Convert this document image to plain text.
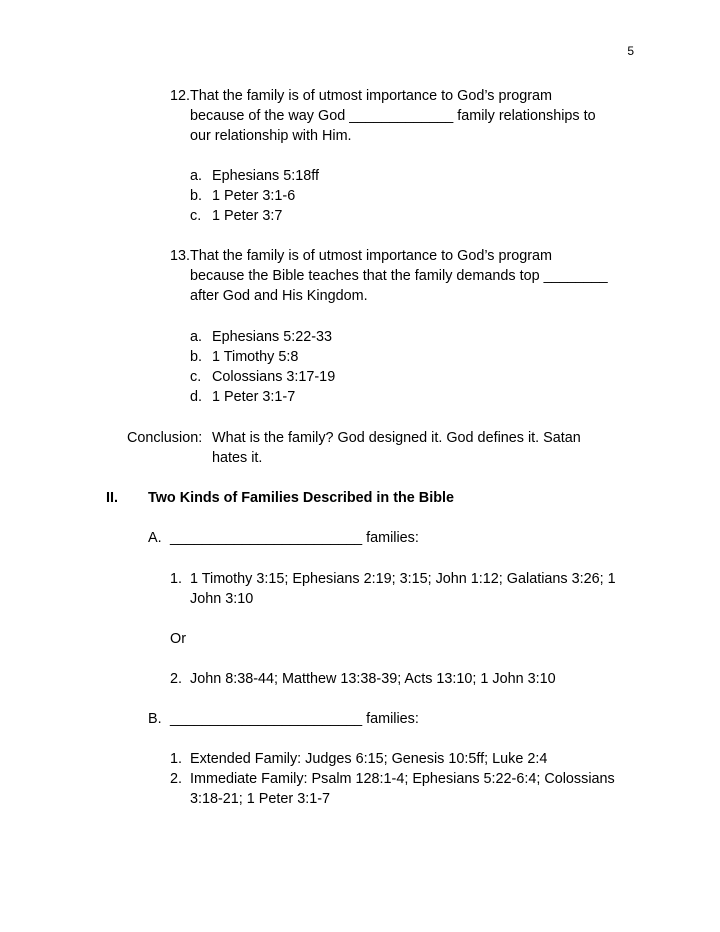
5
12. That the family is of utmost importance to God’s program
because of the way God _____________ family relationships to
our relationship with Him.
a. Ephesians 5:18ff
b. 1 Peter 3:1-6
c. 1 Peter 3:7
13. That the family is of utmost importance to God’s program
because the Bible teaches that the family demands top ________
after God and His Kingdom.
a. Ephesians 5:22-33
b. 1 Timothy 5:8
c. Colossians 3:17-19
d. 1 Peter 3:1-7
Conclusion: What is the family? God designed it. God defines it. Satan
hates it.
II. Two Kinds of Families Described in the Bible
A. ________________________ families:
1. 1 Timothy 3:15; Ephesians 2:19; 3:15; John 1:12; Galatians 3:26; 1
John 3:10
Or
2. John 8:38-44; Matthew 13:38-39; Acts 13:10; 1 John 3:10
B. ________________________ families:
1. Extended Family: Judges 6:15; Genesis 10:5ff; Luke 2:4
2. Immediate Family: Psalm 128:1-4; Ephesians 5:22-6:4; Colossians
3:18-21; 1 Peter 3:1-7
